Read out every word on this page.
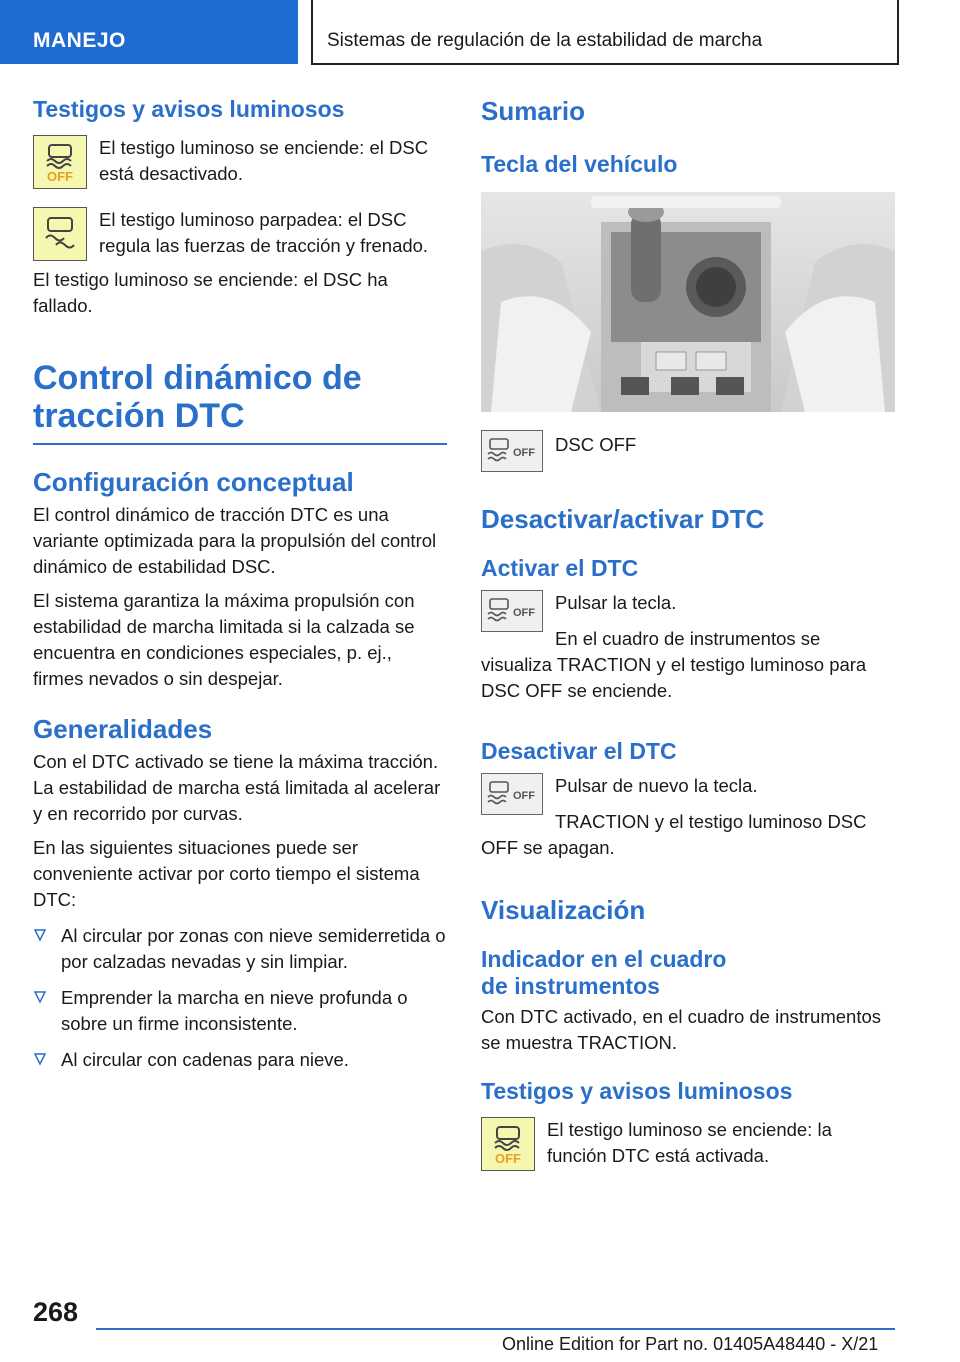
MANEJO	Sistemas de regulación de la estabilidad de marcha
Testigos y avisos luminosos
OFF

El testigo luminoso se enciende: el DSC está desactivado.

El testigo luminoso parpadea: el DSC regula las fuerzas de tracción y frenado.

El testigo luminoso se enciende: el DSC ha fallado.

Control dinámico de
tracción DTC
Configuración conceptual

El control dinámico de tracción DTC es una variante optimizada para la propulsión del control dinámico de estabilidad DSC.

El sistema garantiza la máxima propulsión con estabilidad de marcha limitada si la calzada se encuentra en condiciones especiales, p. ej., firmes nevados o sin despejar.

Generalidades

Con el DTC activado se tiene la máxima tracción. La estabilidad de marcha está limitada al acelerar y en recorrido por curvas.

En las siguientes situaciones puede ser conveniente activar por corto tiempo el sistema DTC:

Al circular por zonas con nieve semiderretida o por calzadas nevadas y sin limpiar.
Emprender la marcha en nieve profunda o sobre un firme inconsistente.
Al circular con cadenas para nieve.
Sumario
Tecla del vehículo
OFF DSC OFF

Desactivar/activar DTC
Activar el DTC
OFF Pulsar la tecla.

En el cuadro de instrumentos se visualiza TRACTION y el testigo luminoso para DSC OFF se enciende.

Desactivar el DTC
OFF Pulsar de nuevo la tecla.

TRACTION y el testigo luminoso DSC OFF se apagan.

Visualización
Indicador en el cuadro
de instrumentos

Con DTC activado, en el cuadro de instrumentos se muestra TRACTION.

Testigos y avisos luminosos
OFF

El testigo luminoso se enciende: la función DTC está activada.

268
Online Edition for Part no. 01405A48440 - X/21
